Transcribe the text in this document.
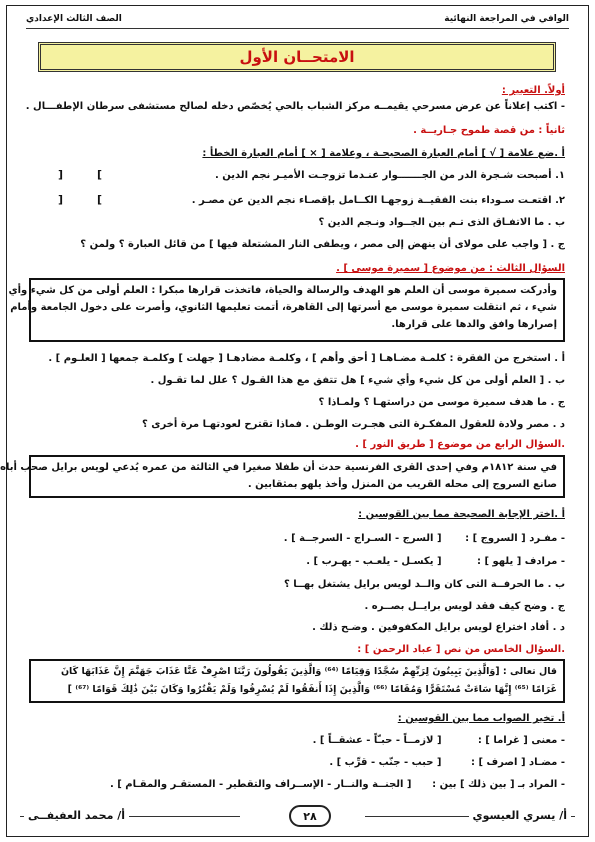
الوافي في المراجعة النهائية
الصف الثالث الإعدادي
الامتحــان الأول
أولاً. التعبير :
- اكتب إعلاناً عن عرض مسرحي يقيمــه مركز الشباب بالحي يُخصّص دخله لصالح مستشفى سرطان الإطفـــال .
ثانياً : من قصة طموح جـاريــة .
أ .ضع علامة [ √ ] أمام العبارة الصحيحـة ، وعلامة [ × ] أمام العبارة الخطأ :
١. أصبحت شـجرة الدر من الجـــــــوار عنـدما تزوجـت الأميـر نجم الدين .
][
٢. اقتعـت سـوداء بنت الفقيــة زوجهـا الكــامل بإقصـاء نجم الدين عن مصـر .
][
ب . ما الاتفـاق الذى تـم بين الجــواد ونـجم الدين ؟
ج . [ واجب على مولاى أن ينهض إلى مصر ، ويطفى النار المشتعلة فيها ] من قائل العبارة ؟ ولمن ؟
السؤال الثالث : من موضوع [ سميرة موسى ] .
وأدركت سميرة موسى أن العلم هو الهدف والرسالة والحياة، فاتخذت قرارها مبكرا : العلم أولى من كل شيء وأي
شيء ، ثم انتقلت سميرة موسى مع أسرتها إلى القاهرة، أتمت تعليمها الثانوي، وأصرت على دخول الجامعة وأمام
إصرارها وافق والدها على قرارها.
أ . استخرج من الفقرة : كلمـة مضـاهـا [ أحق وأهم ] ، وكلمـة مضادهـا [ جهلت ] وكلمـة جمعها [ العلـوم ] .
ب . [ العلم أولى من كل شيء وأي شيء ] هل تتفق مع هذا القـول ؟ علل لما تقـول .
ج . ما هدف سميرة موسى من دراستهـا ؟ ولمـاذا ؟
د . مصر ولادة للعقول المفكـرة التى هجـرت الوطـن . فماذا تقترح لعودتهـا مرة أخرى ؟
.السؤال الرابع من موضوع [ طريق النور ] .
في سنة ١٨١٢م وفي إحدى القرى الفرنسية حدث أن طفلا صغيرا في الثالثة من عمره يُدعي لويس برايل صحب أباه
صانع السروج إلى محله القريب من المنزل وأخذ يلهو بمثقابين .
أ .اختر الإجابة الصحيحة مما بين القوسين :
- مفـرد [ السروج ] : [ السرج - السـراج - السرجــة ] .
- مرادف [ يلهو ] : [ يكسـل - يلعـب - يهـرب ] .
ب . ما الحرفــة التى كان والــد لويس برايل يشتغل بهــا ؟
ج . وضح كيف فقد لويس برايــل بصــره .
د . أفاد اختراع لويس برايل المكفوفين . وضـح ذلك .
.السؤال الخامس من نص [ عباد الرحمن ] :
قال تعالى : [وَالَّذِينَ يَبِيتُونَ لِرَبِّهِمْ سُجَّدًا وَقِيَامًا ⁽⁶⁴⁾ وَالَّذِينَ يَقُولُونَ رَبَّنَا اصْرِفْ عَنَّا عَذَابَ جَهَنَّمَ إِنَّ عَذَابَهَا كَانَ
غَرَامًا ⁽⁶⁵⁾ إِنَّهَا سَاءَتْ مُسْتَقَرًّا وَمُقَامًا ⁽⁶⁶⁾ وَالَّذِينَ إِذَا أَنفَقُوا لَمْ يُسْرِفُوا وَلَمْ يَقْتُرُوا وَكَانَ بَيْنَ ذَٰلِكَ قَوَامًا ⁽⁶⁷⁾ ]
أ. تخير الصواب مما بين القوسين :
- معنى [ غراما ] : [ لازمــاً - حبـّاً - عشقــاً ] .
- مضـاد [ اصرف ] : [ حبب - جنّب - قرِّب ] .
- المراد بـ [ بين ذلك ] بين : [ الجنــة والنــار - الإســراف والتقطير - المستقـر والمقـام ] .
أ/ يسري العيسوي
٢٨
أ/ محمد العفيفــى
